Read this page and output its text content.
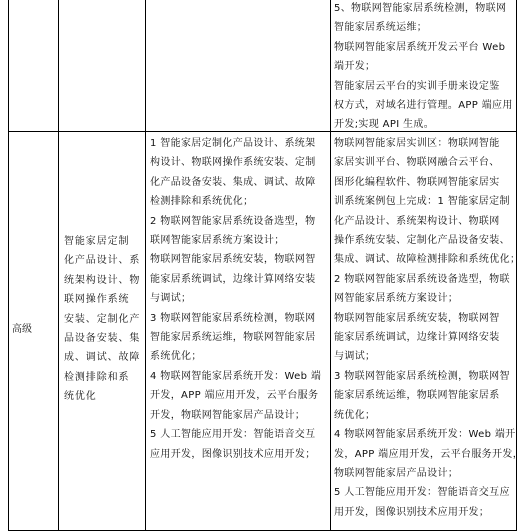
5、物联网智能家居系统检测，物联网
智能家居系统运维；
物联网智能家居系统开发云平台 Web
端开发；
智能家居云平台的实训手册来设定鉴
权方式，对域名进行管理。APP 端应用
开发;实现 API 生成。
高级
智能家居定制
化产品设计、系
统架构设计、物
联网操作系统
安装、定制化产
品设备安装、集
成、调试、故障
检测排除和系
统优化
1 智能家居定制化产品设计、系统架
构设计、物联网操作系统安装、定制
化产品设备安装、集成、调试、故障
检测排除和系统优化；
2 物联网智能家居系统设备选型，物
联网智能家居系统方案设计；
物联网智能家居系统安装，物联网智
能家居系统调试，边缘计算网络安装
与调试；
3 物联网智能家居系统检测，物联网
智能家居系统运维，物联网智能家居
系统优化；
4 物联网智能家居系统开发：Web 端
开发，APP 端应用开发，云平台服务
开发，物联网智能家居产品设计；
5 人工智能应用开发：智能语音交互
应用开发，图像识别技术应用开发；
物联网智能家居实训区：物联网智能
家居实训平台、物联网融合云平台、
图形化编程软件、物联网智能家居实
训系统案例包上完成：1 智能家居定制
化产品设计、系统架构设计、物联网
操作系统安装、定制化产品设备安装、
集成、调试、故障检测排除和系统优化；
2 物联网智能家居系统设备选型，物联
网智能家居系统方案设计；
物联网智能家居系统安装，物联网智
能家居系统调试，边缘计算网络安装
与调试；
3 物联网智能家居系统检测，物联网智
能家居系统运维，物联网智能家居系
统优化；
4 物联网智能家居系统开发：Web 端开
发，APP 端应用开发，云平台服务开发，
物联网智能家居产品设计；
5 人工智能应用开发：智能语音交互应
用开发，图像识别技术应用开发；
